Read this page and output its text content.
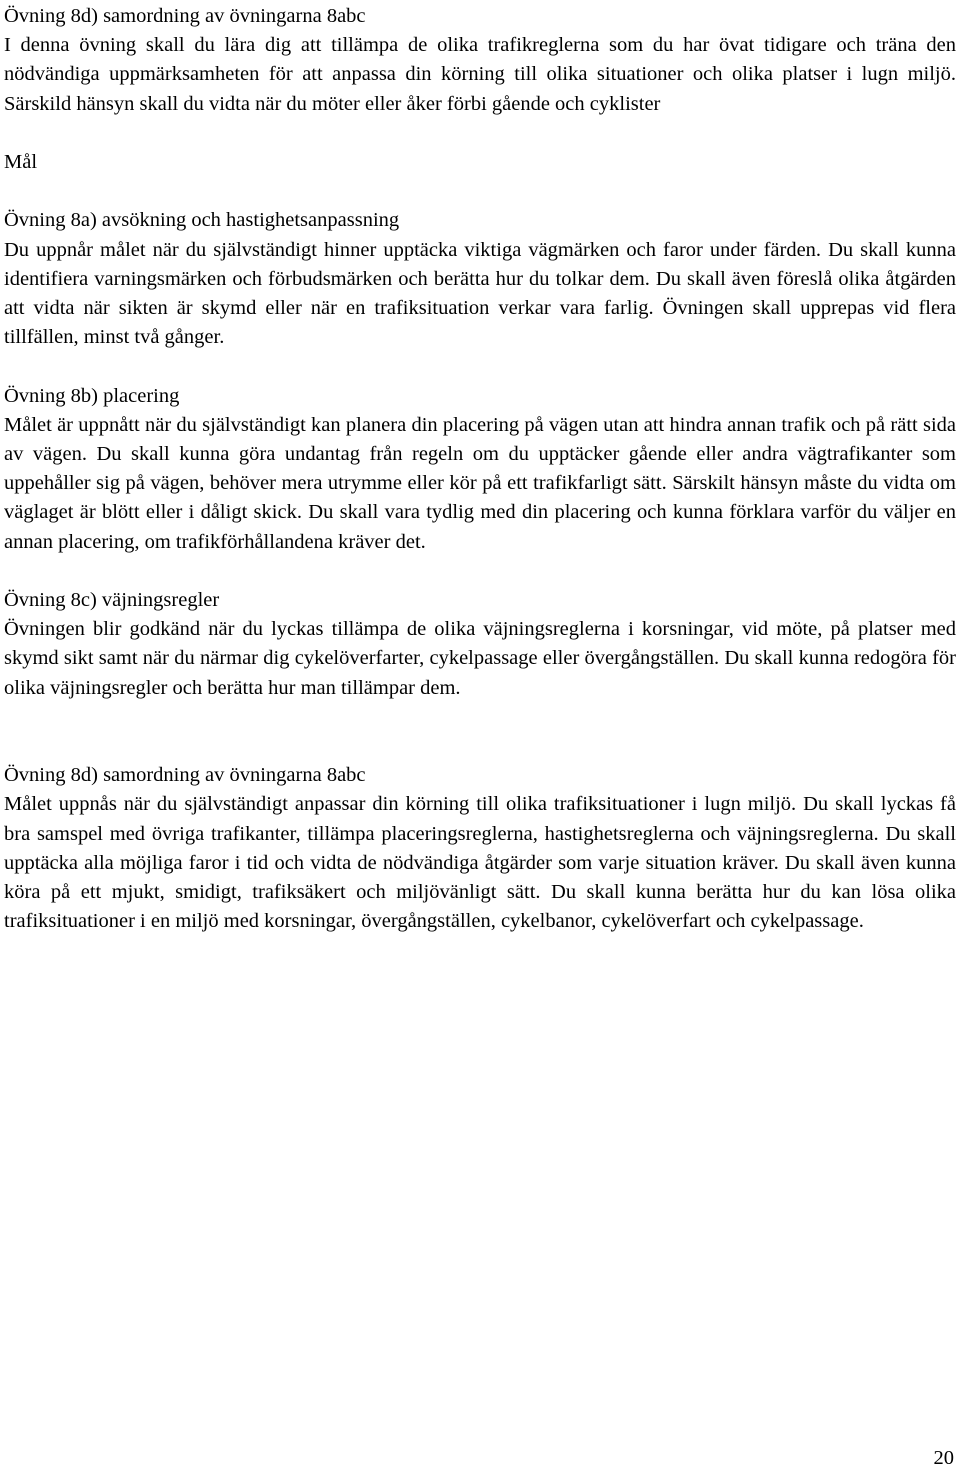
Övning 8d) samordning av övningarna 8abc

I denna övning skall du lära dig att tillämpa de olika trafikreglerna som du har övat tidigare och träna den nödvändiga uppmärksamheten för att anpassa din körning till olika situationer och olika platser i lugn miljö. Särskild hänsyn skall du vidta när du möter eller åker förbi gående och cyklister

Mål

Övning 8a) avsökning och hastighetsanpassning

Du uppnår målet när du självständigt hinner upptäcka viktiga vägmärken och faror under färden. Du skall kunna identifiera varningsmärken och förbudsmärken och berätta hur du tolkar dem. Du skall även föreslå olika åtgärden att vidta när sikten är skymd eller när en trafiksituation verkar vara farlig. Övningen skall upprepas vid flera tillfällen, minst två gånger.

Övning 8b) placering

Målet är uppnått när du självständigt kan planera din placering på vägen utan att hindra annan trafik och på rätt sida av vägen. Du skall kunna göra undantag från regeln om du upptäcker gående eller andra vägtrafikanter som uppehåller sig på vägen, behöver mera utrymme eller kör på ett trafikfarligt sätt. Särskilt hänsyn måste du vidta om väglaget är blött eller i dåligt skick. Du skall vara tydlig med din placering och kunna förklara varför du väljer en annan placering, om trafikförhållandena kräver det.

Övning 8c) väjningsregler

Övningen blir godkänd när du lyckas tillämpa de olika väjningsreglerna i korsningar, vid möte, på platser med skymd sikt samt när du närmar dig cykelöverfarter, cykelpassage eller övergångställen. Du skall kunna redogöra för olika väjningsregler och berätta hur man tillämpar dem.

Övning 8d) samordning av övningarna 8abc

Målet uppnås när du självständigt anpassar din körning till olika trafiksituationer i lugn miljö. Du skall lyckas få bra samspel med övriga trafikanter, tillämpa placeringsreglerna, hastighetsreglerna och väjningsreglerna. Du skall upptäcka alla möjliga faror i tid och vidta de nödvändiga åtgärder som varje situation kräver. Du skall även kunna köra på ett mjukt, smidigt, trafiksäkert och miljövänligt sätt. Du skall kunna berätta hur du kan lösa olika trafiksituationer i en miljö med korsningar, övergångställen, cykelbanor, cykelöverfart och cykelpassage.

20
